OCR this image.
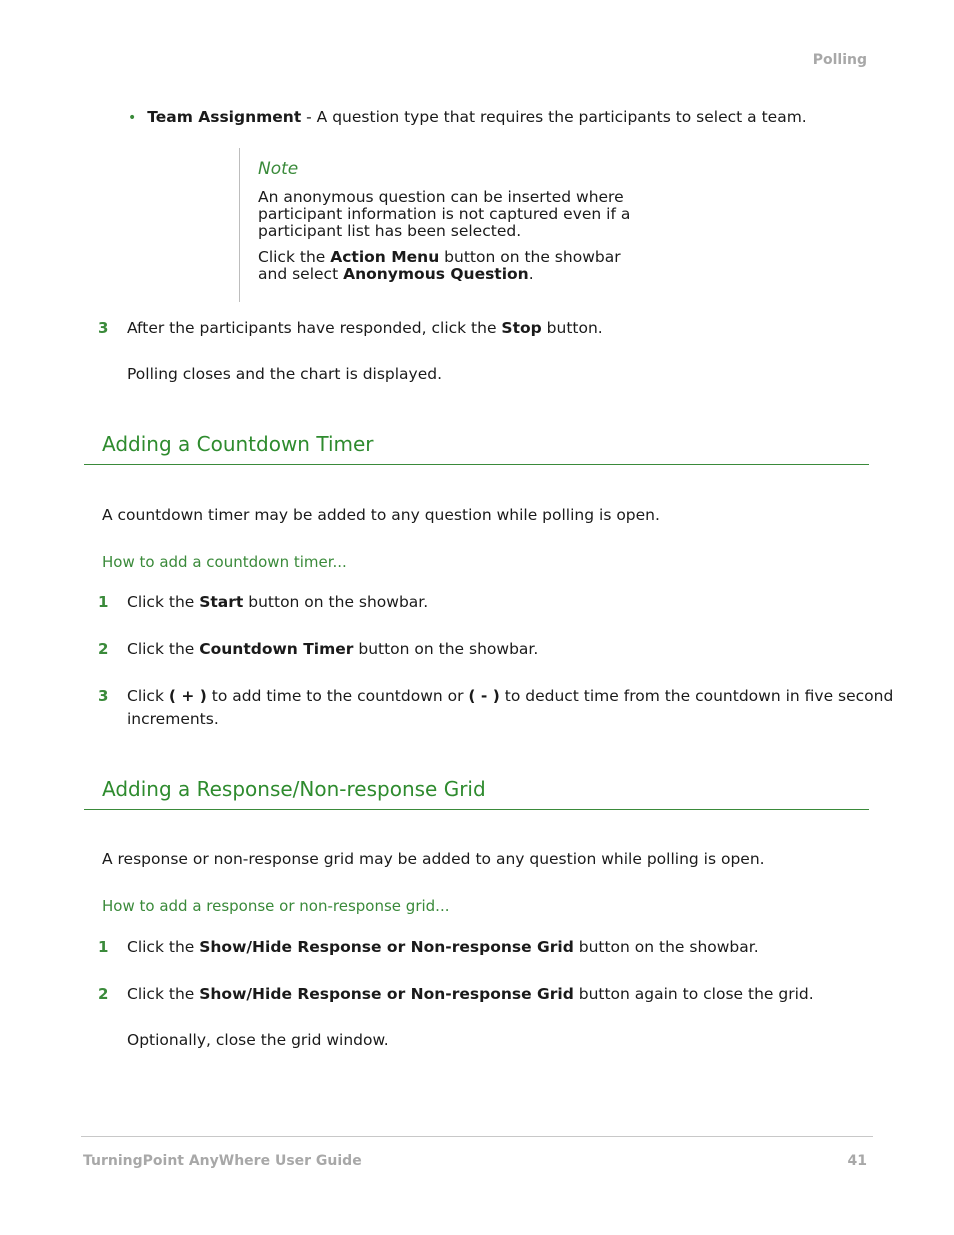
Polling
• Team Assignment - A question type that requires the participants to select a team.
Note
An anonymous question can be inserted where participant information is not captured even if a participant list has been selected.
Click the Action Menu button on the showbar and select Anonymous Question.
3 After the participants have responded, click the Stop button.
Polling closes and the chart is displayed.
Adding a Countdown Timer
A countdown timer may be added to any question while polling is open.
How to add a countdown timer...
1 Click the Start button on the showbar.
2 Click the Countdown Timer button on the showbar.
3 Click ( + ) to add time to the countdown or ( - ) to deduct time from the countdown in five second
increments.
Adding a Response/Non-response Grid
A response or non-response grid may be added to any question while polling is open.
How to add a response or non-response grid...
1 Click the Show/Hide Response or Non-response Grid button on the showbar.
2 Click the Show/Hide Response or Non-response Grid button again to close the grid.
Optionally, close the grid window.
TurningPoint AnyWhere User Guide	41
